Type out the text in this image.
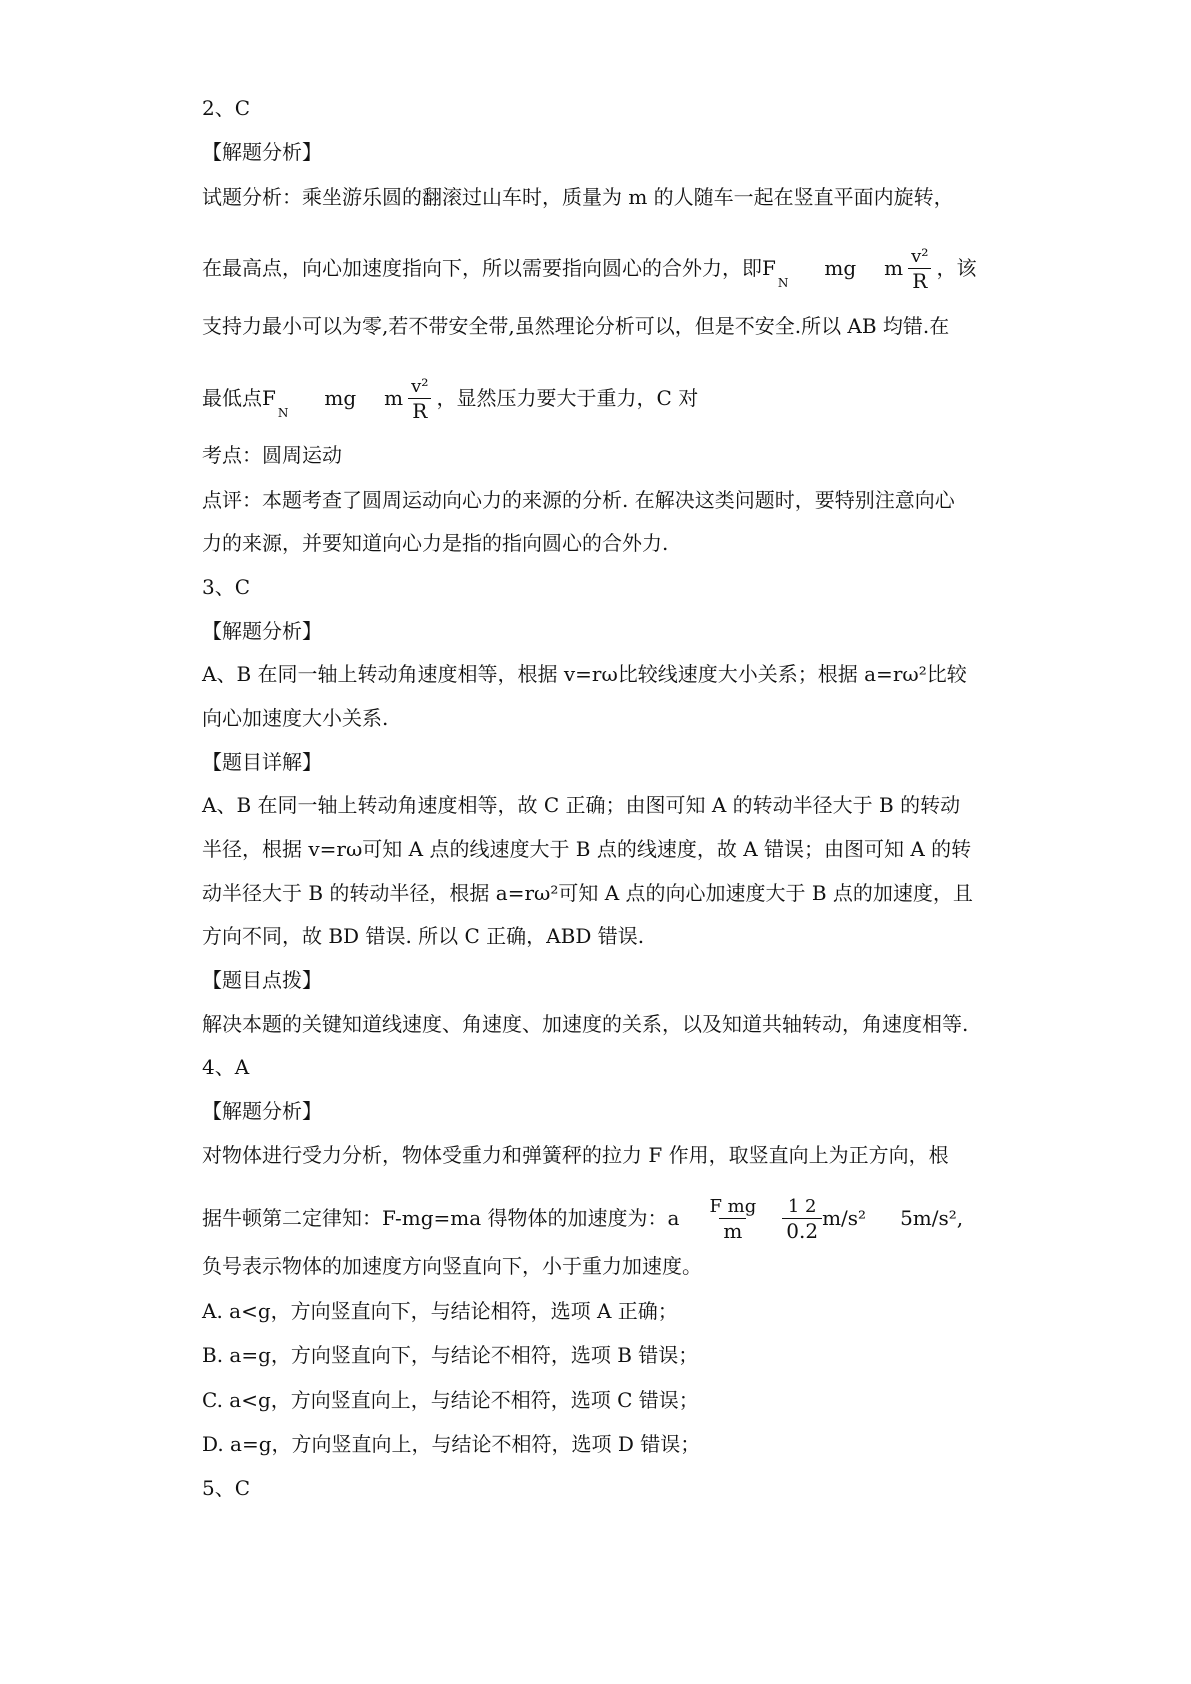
2、C
【解题分析】
试题分析：乘坐游乐圆的翻滚过山车时，质量为 m 的人随车一起在竖直平面内旋转，
在最高点，向心加速度指向下，所以需要指向圆心的合外力，即$F_Nmg$ m $\frac{\text{v²}}{R}$ ，该
支持力最小可以为零,若不带安全带,虽然理论分析可以，但是不安全.所以 AB 均错.在
最低点$F_Nmg$ m $\frac{\text{v²}}{R}$ ，显然压力要大于重力，C 对
考点：圆周运动
点评：本题考查了圆周运动向心力的来源的分析. 在解决这类问题时，要特别注意向心
力的来源，并要知道向心力是指的指向圆心的合外力.
3、C
【解题分析】
A、B 在同一轴上转动角速度相等，根据 v=rω比较线速度大小关系；根据 a=rω²比较
向心加速度大小关系.
【题目详解】
A、B 在同一轴上转动角速度相等，故 C 正确；由图可知 A 的转动半径大于 B 的转动
半径，根据 v=rω可知 A 点的线速度大于 B 点的线速度，故 A 错误；由图可知 A 的转
动半径大于 B 的转动半径，根据 a=rω²可知 A 点的向心加速度大于 B 点的加速度，且
方向不同，故 BD 错误. 所以 C 正确，ABD 错误.
【题目点拨】
解决本题的关键知道线速度、角速度、加速度的关系，以及知道共轴转动，角速度相等.
4、A
【解题分析】
对物体进行受力分析，物体受重力和弹簧秤的拉力 F 作用，取竖直向上为正方向，根
据牛顿第二定律知：F-mg=ma 得物体的加速度为：a $\frac{\text{F mg}}{m} \frac{1 2}{0.2} m/s^2$ 5m/s²,
负号表示物体的加速度方向竖直向下，小于重力加速度。
A. a<g，方向竖直向下，与结论相符，选项 A 正确；
B. a=g，方向竖直向下，与结论不相符，选项 B 错误；
C. a<g，方向竖直向上，与结论不相符，选项 C 错误；
D. a=g，方向竖直向上，与结论不相符，选项 D 错误；
5、C
